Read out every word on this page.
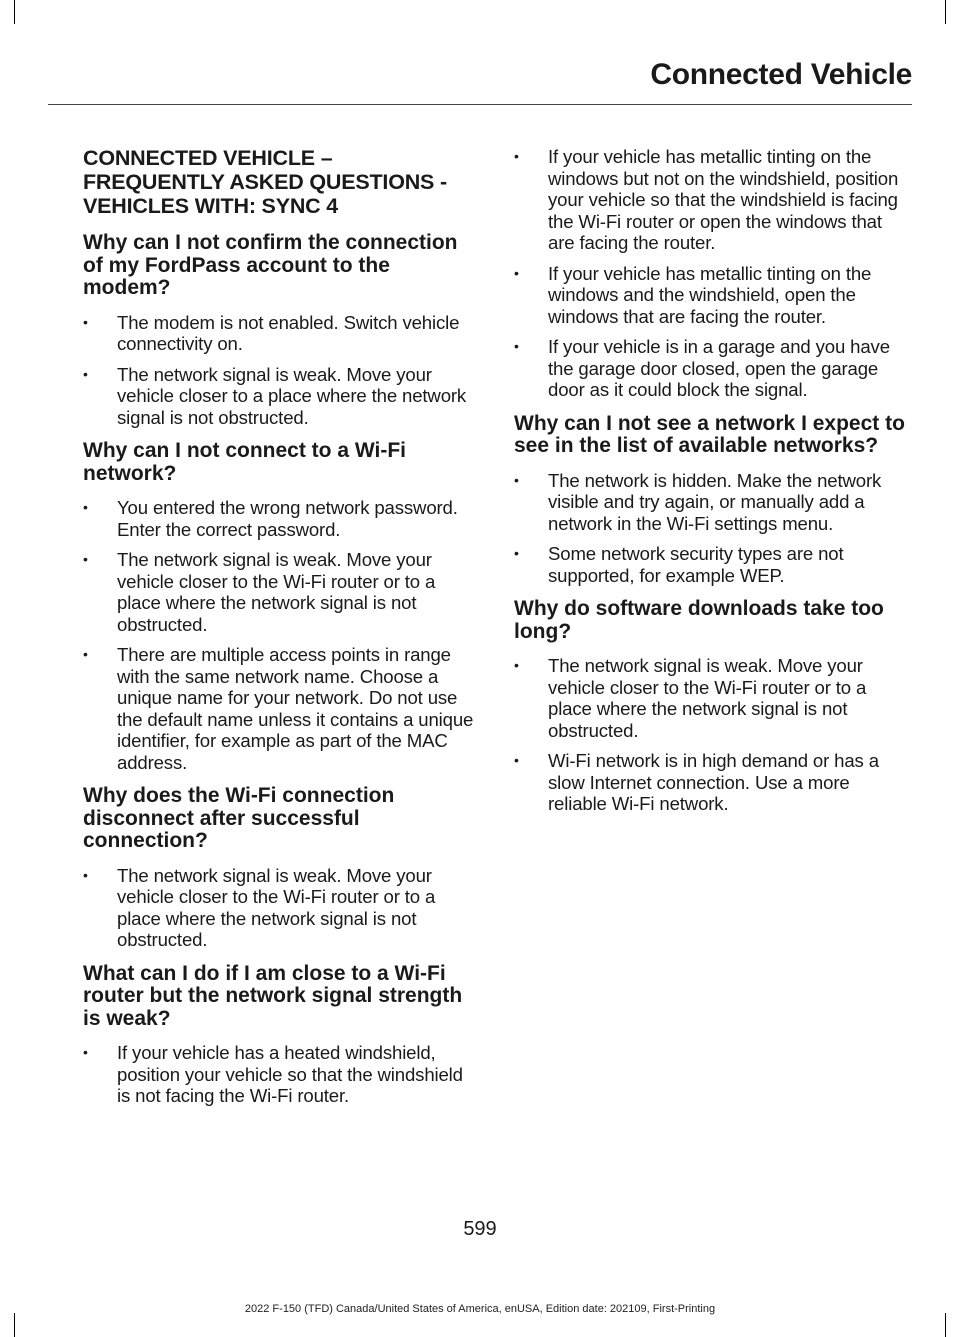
Connected Vehicle
CONNECTED VEHICLE – FREQUENTLY ASKED QUESTIONS - VEHICLES WITH: SYNC 4
Why can I not confirm the connection of my FordPass account to the modem?
•	The modem is not enabled. Switch vehicle connectivity on.
•	The network signal is weak. Move your vehicle closer to a place where the network signal is not obstructed.
Why can I not connect to a Wi-Fi network?
•	You entered the wrong network password. Enter the correct password.
•	The network signal is weak. Move your vehicle closer to the Wi-Fi router or to a place where the network signal is not obstructed.
•	There are multiple access points in range with the same network name. Choose a unique name for your network. Do not use the default name unless it contains a unique identifier, for example as part of the MAC address.
Why does the Wi-Fi connection disconnect after successful connection?
•	The network signal is weak. Move your vehicle closer to the Wi-Fi router or to a place where the network signal is not obstructed.
What can I do if I am close to a Wi-Fi router but the network signal strength is weak?
•	If your vehicle has a heated windshield, position your vehicle so that the windshield is not facing the Wi-Fi router.
•	If your vehicle has metallic tinting on the windows but not on the windshield, position your vehicle so that the windshield is facing the Wi-Fi router or open the windows that are facing the router.
•	If your vehicle has metallic tinting on the windows and the windshield, open the windows that are facing the router.
•	If your vehicle is in a garage and you have the garage door closed, open the garage door as it could block the signal.
Why can I not see a network I expect to see in the list of available networks?
•	The network is hidden. Make the network visible and try again, or manually add a network in the Wi-Fi settings menu.
•	Some network security types are not supported, for example WEP.
Why do software downloads take too long?
•	The network signal is weak. Move your vehicle closer to the Wi-Fi router or to a place where the network signal is not obstructed.
•	Wi-Fi network is in high demand or has a slow Internet connection. Use a more reliable Wi-Fi network.
599
2022 F-150 (TFD) Canada/United States of America, enUSA, Edition date: 202109, First-Printing
